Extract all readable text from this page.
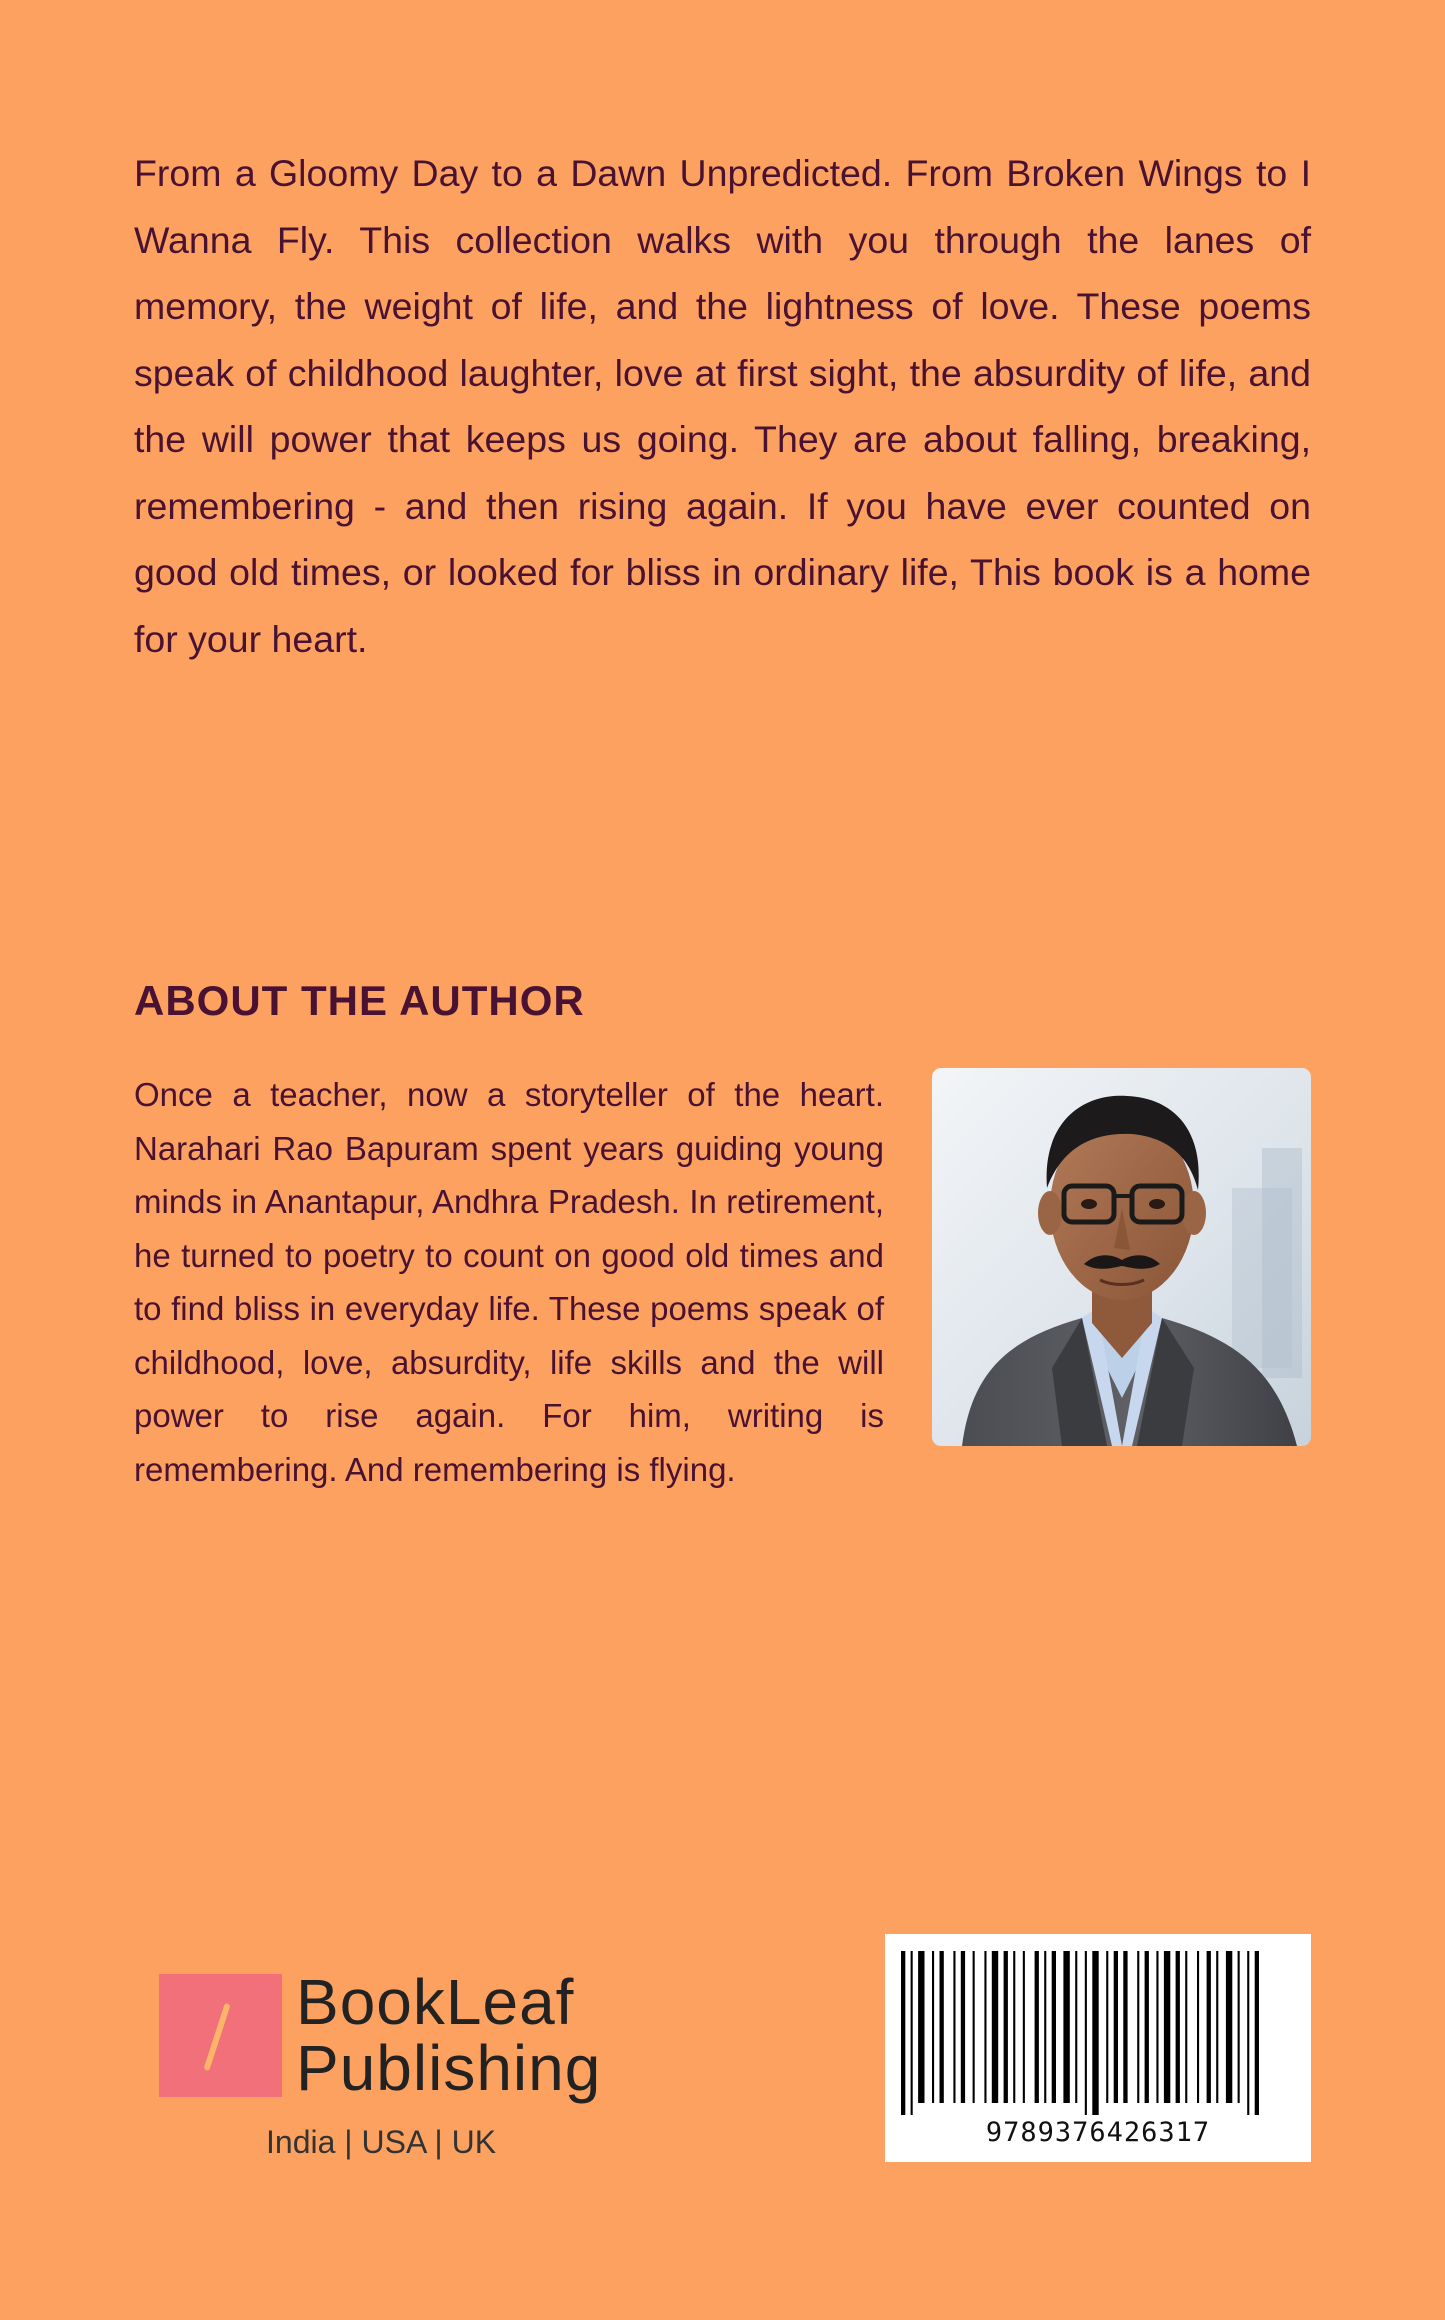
From a Gloomy Day to a Dawn Unpredicted. From Broken Wings to I Wanna Fly. This collection walks with you through the lanes of memory, the weight of life, and the lightness of love. These poems speak of childhood laughter, love at first sight, the absurdity of life, and the will power that keeps us going. They are about falling, breaking, remembering - and then rising again. If you have ever counted on good old times, or looked for bliss in ordinary life, This book is a home for your heart.

ABOUT THE AUTHOR

Once a teacher, now a storyteller of the heart. Narahari Rao Bapuram spent years guiding young minds in Anantapur, Andhra Pradesh. In retirement, he turned to poetry to count on good old times and to find bliss in everyday life. These poems speak of childhood, love, absurdity, life skills and the will power to rise again. For him, writing is remembering. And remembering is flying.

BookLeaf
Publishing
India | USA | UK	9789376426317
